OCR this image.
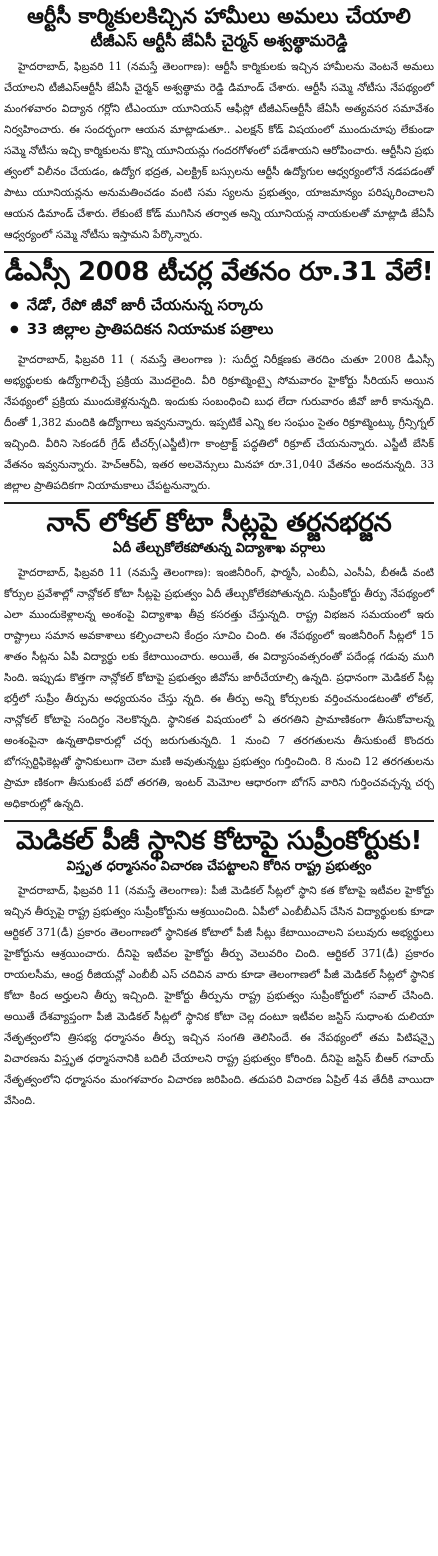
ఆర్టీసీ కార్మికులకిచ్చిన హామీలు అమలు చేయాలి
టీజీఎస్ ఆర్టీసీ జేఏసీ చైర్మన్ అశ్వత్థామరెడ్డి

హైదరాబాద్, ఫిబ్రవరి 11 (నమస్తే తెలంగాణ): ఆర్టీసీ కార్మికులకు ఇచ్చిన హామీలను వెంటనే అమలు చేయాలని టీజీఎస్ఆర్టీసీ జేఏసీ చైర్మన్ అశ్వత్థామ రెడ్డి డిమాండ్ చేశారు. ఆర్టీసీ సమ్మె నోటీసు నేపథ్యంలో మంగళవారం విద్యాన గర్లోని టీఎంయూ యూనియన్ ఆఫీస్లో టీజీఎస్ఆర్టీసీ జేఏసీ అత్యవసర సమావేశం నిర్వహించారు. ఈ సందర్భంగా ఆయన మాట్లాడుతూ.. ఎలక్షన్ కోడ్ విషయంలో ముందుచూపు లేకుండా సమ్మె నోటీసు ఇచ్చి కార్మికులను కొన్ని యూనియన్లు గందరగోళంలో పడేశాయని ఆరోపించారు. ఆర్టీసీని ప్రభు త్వంలో విలీనం చేయడం, ఉద్యోగ భద్రత, ఎలక్ట్రిక్ బస్సులను ఆర్టీసీ ఉద్యోగుల ఆధ్వర్యంలోనే నడపడంతో పాటు యూనియన్లను అనుమతించడం వంటి సమ స్యలను ప్రభుత్వం, యాజమాన్యం పరిష్కరించాలని ఆయన డిమాండ్ చేశారు. లేకుంటే కోడ్ ముగిసిన తర్వాత అన్ని యూనియన్ల నాయకులతో మాట్లాడి జేఏసీ ఆధ్వర్యంలో సమ్మె నోటీసు ఇస్తామని పేర్కొన్నారు.

డీఎస్సీ 2008 టీచర్ల వేతనం రూ.31 వేలే!
● నేడో, రేపో జీవో జారీ చేయనున్న సర్కారు
● 33 జిల్లాల ప్రాతిపదికన నియామక పత్రాలు

హైదరాబాద్, ఫిబ్రవరి 11 ( నమస్తే తెలంగాణ ): సుదీర్ఘ నిరీక్షణకు తెరదిం చుతూ 2008 డీఎస్సీ అభ్యర్థులకు ఉద్యోగాలిచ్చే ప్రక్రియ మొదలైంది. వీరి రిక్రూట్మెంట్పై సోమవారం హైకోర్టు సీరియస్ అయిన నేపథ్యంలో ప్రక్రియ ముందుకెళ్లనున్నది. ఇందుకు సంబంధించి బుధ లేదా గురువారం జీవో జారీ కానున్నది. దీంతో 1,382 మందికి ఉద్యోగాలు ఇవ్వనున్నారు. ఇప్పటికే ఎన్ని కల సంఘం సైతం రిక్రూట్మెంట్కు గ్రీన్సిగ్నల్ ఇచ్చింది. వీరిని సెకండరీ గ్రేడ్ టీచర్స్(ఎస్జీటీ)గా కాంట్రాక్ట్ పద్ధతిలో రిక్రూట్ చేయనున్నారు. ఎస్జీటీ బేసిక్ వేతనం ఇవ్వనున్నారు. హెచ్ఆర్ఏ, ఇతర అలవెన్సులు మినహా రూ.31,040 వేతనం అందనున్నది. 33 జిల్లాల ప్రాతిపదికగా నియామకాలు చేపట్టనున్నారు.

నాన్ లోకల్ కోటా సీట్లపై తర్జనభర్జన
ఏదీ తేల్చుకోలేకపోతున్న విద్యాశాఖ వర్గాలు

హైదరాబాద్, ఫిబ్రవరి 11 (నమస్తే తెలంగాణ): ఇంజినీరింగ్, ఫార్మసీ, ఎంబీఏ, ఎంసీఏ, బీఈడీ వంటి కోర్సుల ప్రవేశాల్లో నాన్లోకల్ కోటా సీట్లపై ప్రభుత్వం ఏదీ తేల్చుకోలేకపోతున్నది. సుప్రీంకోర్టు తీర్పు నేపథ్యంలో ఎలా ముందుకెళ్లాలన్న అంశంపై విద్యాశాఖ తీవ్ర కసరత్తు చేస్తున్నది. రాష్ట్ర విభజన సమయంలో ఇరు రాష్ట్రాలు సమాన అవకాశాలు కల్పించాలని కేంద్రం సూచిం చింది. ఈ నేపథ్యంలో ఇంజినీరింగ్ సీట్లలో 15 శాతం సీట్లను ఏపీ విద్యార్థు లకు కేటాయించారు. అయితే, ఈ విద్యాసంవత్సరంతో పదేండ్ల గడువు ముగి సింది. ఇప్పుడు కొత్తగా నాన్లోకల్ కోటాపై ప్రభుత్వం జీవోను జారీచేయాల్సి ఉన్నది. ప్రధానంగా మెడికల్ సీట్ల భర్తీలో సుప్రీం తీర్పును అధ్యయనం చేస్తు న్నది. ఈ తీర్పు అన్ని కోర్సులకు వర్తించనుండటంతో లోకల్, నాన్లోకల్ కోటాపై సందిగ్ధం నెలకొన్నది. స్థానికత విషయంలో ఏ తరగతిని ప్రామాణికంగా తీసుకోవాలన్న అంశంపైనా ఉన్నతాధికారుల్లో చర్చ జరుగుతున్నది. 1 నుంచి 7 తరగతులను తీసుకుంటే కొందరు బోగస్సర్టిఫికెట్లతో స్థానికులుగా చెలా మణి అవుతున్నట్టు ప్రభుత్వం గుర్తించింది. 8 నుంచి 12 తరగతులను ప్రామా ణికంగా తీసుకుంటే పదో తరగతి, ఇంటర్ మెమోల ఆధారంగా బోగస్ వారిని గుర్తించవచ్చన్న చర్చ అధికారుల్లో ఉన్నది.

మెడికల్ పీజీ స్థానిక కోటాపై సుప్రీంకోర్టుకు!
విస్తృత ధర్మాసనం విచారణ చేపట్టాలని కోరిన రాష్ట్ర ప్రభుత్వం

హైదరాబాద్, ఫిబ్రవరి 11 (నమస్తే తెలంగాణ): పీజీ మెడికల్ సీట్లలో స్థాని కత కోటాపై ఇటీవల హైకోర్టు ఇచ్చిన తీర్పుపై రాష్ట్ర ప్రభుత్వం సుప్రీంకోర్టును ఆశ్రయించింది. ఏపీలో ఎంబీబీఎస్ చేసిన విద్యార్థులకు కూడా ఆర్టికల్ 371(డీ) ప్రకారం తెలంగాణలో స్థానికత కోటాలో పీజీ సీట్లు కేటాయించాలని పలువురు అభ్యర్థులు హైకోర్టును ఆశ్రయించారు. దీనిపై ఇటీవల హైకోర్టు తీర్పు వెలువరిం చింది. ఆర్టికల్ 371(డీ) ప్రకారం రాయలసీమ, ఆంధ్ర రీజియన్లో ఎంబీబీ ఎస్ చదివిన వారు కూడా తెలంగాణలో పీజీ మెడికల్ సీట్లలో స్థానిక కోటా కింద అర్హులని తీర్పు ఇచ్చింది. హైకోర్టు తీర్పును రాష్ట్ర ప్రభుత్వం సుప్రీంకోర్టులో సవాల్ చేసింది. అయితే దేశవ్యాప్తంగా పీజీ మెడికల్ సీట్లలో స్థానిక కోటా చెల్ల దంటూ ఇటీవల జస్టిస్ సుధాంశు దులియా నేతృత్వంలోని త్రిసభ్య ధర్మాసనం తీర్పు ఇచ్చిన సంగతి తెలిసిందే. ఈ నేపథ్యంలో తమ పిటిషన్పై విచారణను విస్తృత ధర్మాసనానికి బదిలీ చేయాలని రాష్ట్ర ప్రభుత్వం కోరింది. దీనిపై జస్టిస్ బీఆర్ గవాయ్ నేతృత్వంలోని ధర్మాసనం మంగళవారం విచారణ జరిపింది. తదుపరి విచారణ ఏప్రిల్ 4వ తేదీకి వాయిదా వేసింది.
